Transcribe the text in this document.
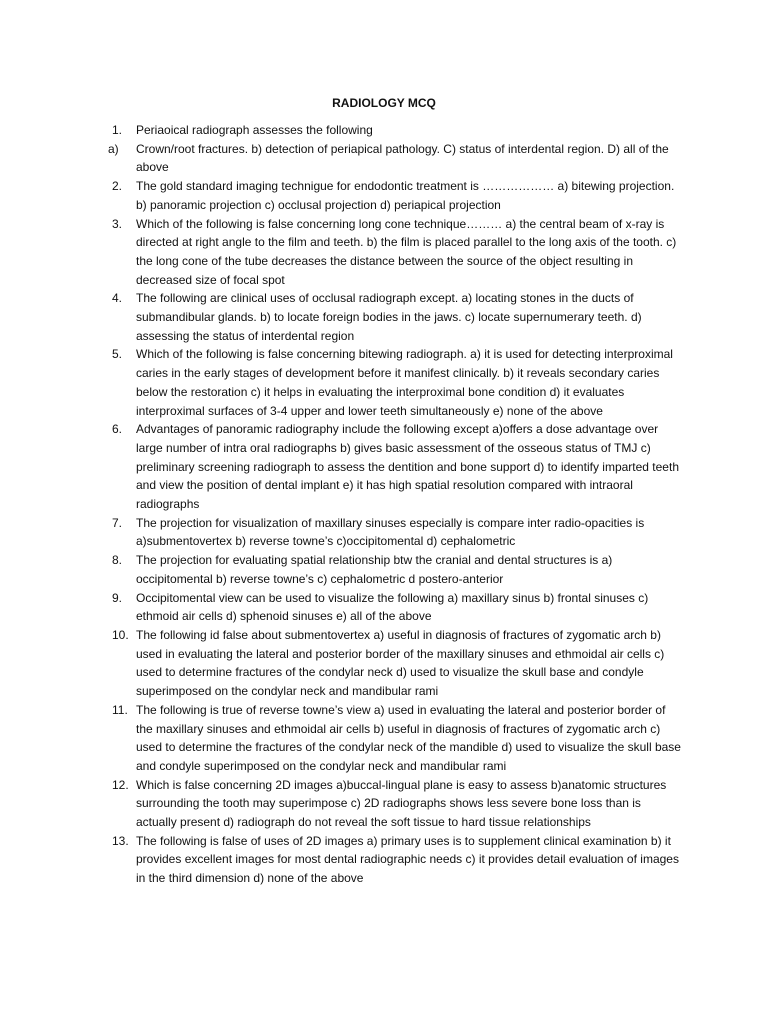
RADIOLOGY MCQ
1.	Periaoical radiograph assesses the following
a)	Crown/root fractures. b) detection of periapical pathology. C) status of interdental region. D) all of the above
2.	The gold standard imaging technigue for endodontic treatment is ……………… a) bitewing projection. b) panoramic projection c) occlusal projection d) periapical projection
3.	Which of the following is false concerning long cone technique……… a) the central beam of x-ray is directed at right angle to the film and teeth. b) the film is placed parallel to the long axis of the tooth. c) the long cone of the tube decreases the distance between the source of the object resulting in decreased size of focal spot
4.	The following are clinical uses of occlusal radiograph except. a) locating stones in the ducts of submandibular glands. b) to locate foreign bodies in the jaws. c) locate supernumerary teeth. d) assessing the status of interdental region
5.	Which of the following is false concerning bitewing radiograph. a) it is used for detecting interproximal caries in the early stages of development before it manifest clinically. b) it reveals secondary caries below the restoration c) it helps in evaluating the interproximal bone condition d) it evaluates interproximal surfaces of 3-4 upper and lower teeth simultaneously e) none of the above
6.	Advantages of panoramic radiography include the following except a)offers a dose advantage over large number of intra oral radiographs b) gives basic assessment of the osseous status of TMJ c) preliminary screening radiograph to assess the dentition and bone support d) to identify imparted teeth and view the position of dental implant e) it has high spatial resolution compared with intraoral radiographs
7.	The projection for visualization of maxillary sinuses especially is compare inter radio-opacities is a)submentovertex b) reverse towne’s c)occipitomental d) cephalometric
8.	The projection for evaluating spatial relationship btw the cranial and dental structures is a) occipitomental b) reverse towne’s c) cephalometric d postero-anterior
9.	Occipitomental view can be used to visualize the following a) maxillary sinus b) frontal sinuses c) ethmoid air cells d) sphenoid sinuses e) all of the above
10. The following id false about submentovertex a) useful in diagnosis of fractures of zygomatic arch b) used in evaluating the lateral and posterior border of the maxillary sinuses and ethmoidal air cells c) used to determine fractures of the condylar neck d) used to visualize the skull base and condyle superimposed on the condylar neck and mandibular rami
11. The following is true of reverse towne’s view a) used in evaluating the lateral and posterior border of the maxillary sinuses and ethmoidal air cells b) useful in diagnosis of fractures of zygomatic arch c) used to determine the fractures of the condylar neck of the mandible d) used to visualize the skull base and condyle superimposed on the condylar neck and mandibular rami
12. Which is false concerning 2D images a)buccal-lingual plane is easy to assess b)anatomic structures surrounding the tooth may superimpose c) 2D radiographs shows less severe bone loss than is actually present d) radiograph do not reveal the soft tissue to hard tissue relationships
13. The following is false of uses of 2D images a) primary uses is to supplement clinical examination b) it provides excellent images for most dental radiographic needs c) it provides detail evaluation of images in the third dimension d) none of the above
